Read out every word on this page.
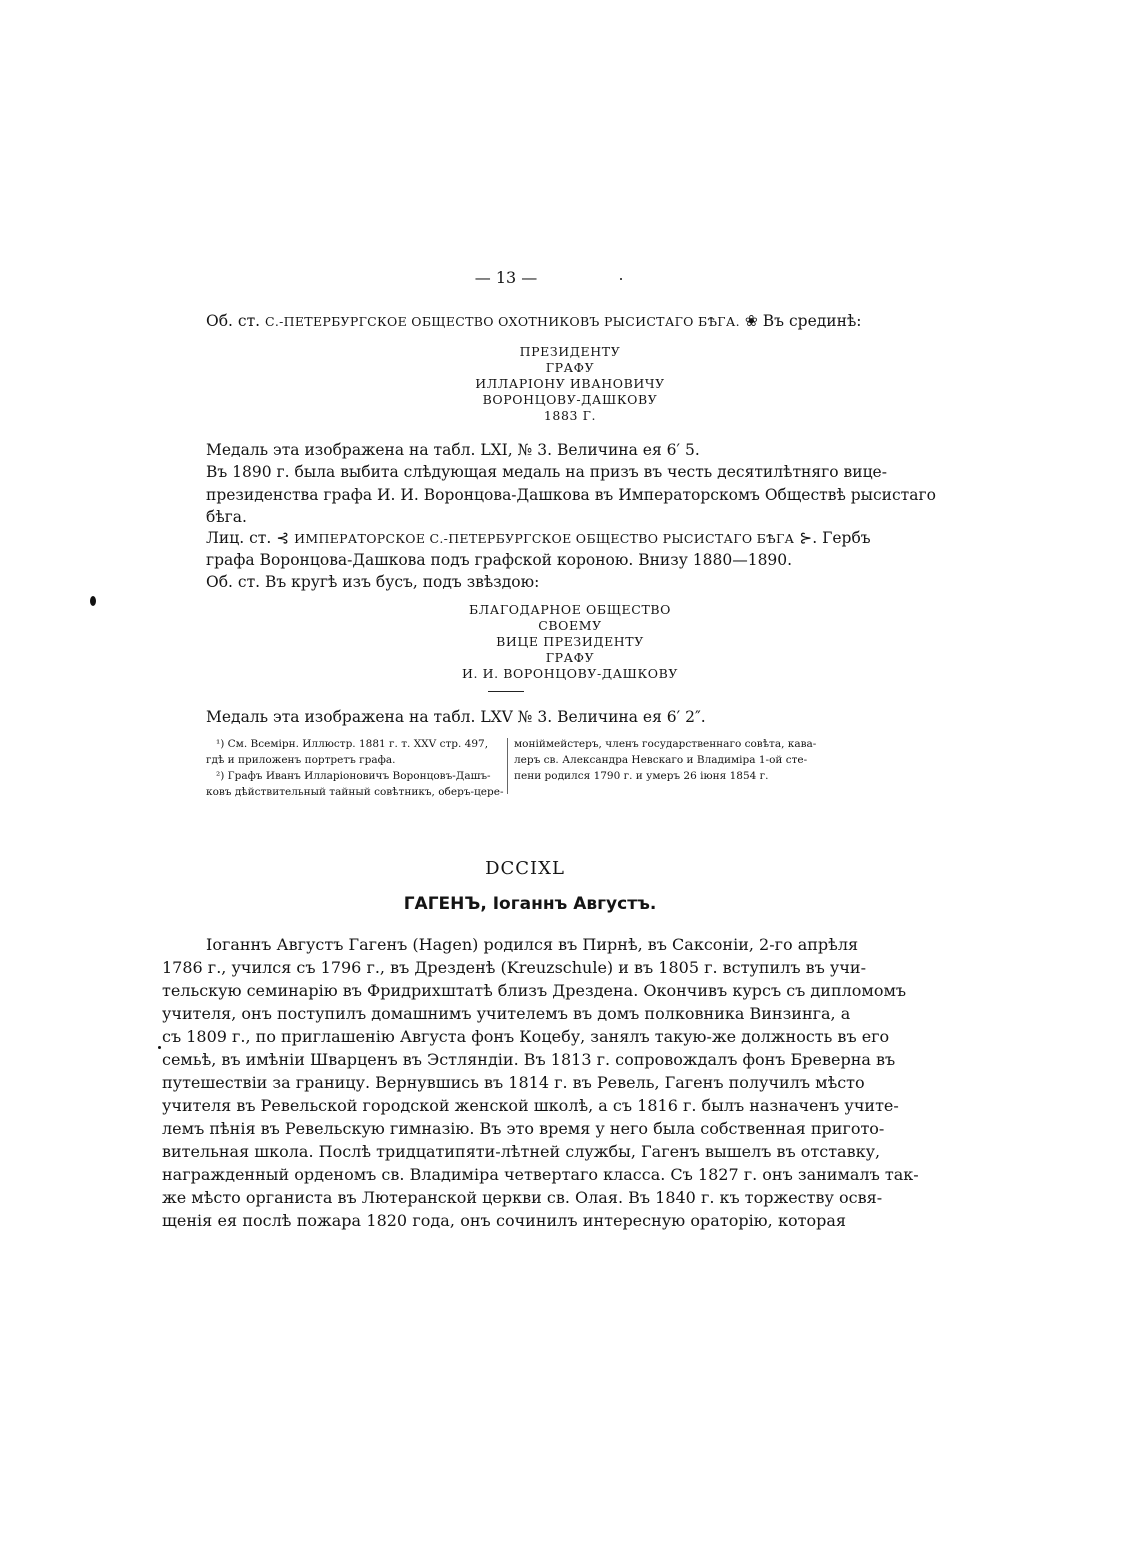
— 13 —
Об. ст. С.-ПЕТЕРБУРГСКОЕ ОБЩЕСТВО ОХОТНИКОВЪ РЫСИСТАГО БѢГА. ❀ Въ срединѣ:
ПРЕЗИДЕНТУ
ГРАФУ
ИЛЛАРІОНУ ИВАНОВИЧУ
ВОРОНЦОВУ-ДАШКОВУ
1883 Г.
Медаль эта изображена на табл. LXI, № 3. Величина ея 6′ 5.
Въ 1890 г. была выбита слѣдующая медаль на призъ въ честь десятилѣтняго вице-
президенства графа И. И. Воронцова-Дашкова въ Императорскомъ Обществѣ рысистаго
бѣга.
Лиц. ст. ⊰ ИМПЕРАТОРСКОЕ С.-ПЕТЕРБУРГСКОЕ ОБЩЕСТВО РЫСИСТАГО БѢГА ⊱. Гербъ
графа Воронцова-Дашкова подъ графской короною. Внизу 1880—1890.
Об. ст. Въ кругѣ изъ бусъ, подъ звѣздою:
БЛАГОДАРНОЕ ОБЩЕСТВО
СВОЕМУ
ВИЦЕ ПРЕЗИДЕНТУ
ГРАФУ
И. И. ВОРОНЦОВУ-ДАШКОВУ
Медаль эта изображена на табл. LXV № 3. Величина ея 6′ 2″.
¹) См. Всемірн. Иллюстр. 1881 г. т. XXV стр. 497,
гдѣ и приложенъ портретъ графа.
²) Графъ Иванъ Илларіоновичъ Воронцовъ-Дашъ-
ковъ дѣйствительный тайный совѣтникъ, оберъ-цере-
моніймейстеръ, членъ государственнаго совѣта, кава-
леръ св. Александра Невскаго и Владиміра 1-ой сте-
пени родился 1790 г. и умеръ 26 іюня 1854 г.
DCCIXL
ГАГЕНЪ, Іоганнъ Августъ.
Іоганнъ Августъ Гагенъ (Hagen) родился въ Пирнѣ, въ Саксоніи, 2-го апрѣля
1786 г., учился съ 1796 г., въ Дрезденѣ (Kreuzschule) и въ 1805 г. вступилъ въ учи-
тельскую семинарію въ Фридрихштатѣ близъ Дрездена. Окончивъ курсъ съ дипломомъ
учителя, онъ поступилъ домашнимъ учителемъ въ домъ полковника Винзинга, а
съ 1809 г., по приглашенію Августа фонъ Коцебу, занялъ такую-же должность въ его
семьѣ, въ имѣніи Шварценъ въ Эстляндіи. Въ 1813 г. сопровождалъ фонъ Бреверна въ
путешествіи за границу. Вернувшись въ 1814 г. въ Ревель, Гагенъ получилъ мѣсто
учителя въ Ревельской городской женской школѣ, а съ 1816 г. былъ назначенъ учите-
лемъ пѣнія въ Ревельскую гимназію. Въ это время у него была собственная пригото-
вительная школа. Послѣ тридцатипяти-лѣтней службы, Гагенъ вышелъ въ отставку,
награжденный орденомъ св. Владиміра четвертаго класса. Съ 1827 г. онъ занималъ так-
же мѣсто органиста въ Лютеранской церкви св. Олая. Въ 1840 г. къ торжеству освя-
щенія ея послѣ пожара 1820 года, онъ сочинилъ интересную ораторію, которая
